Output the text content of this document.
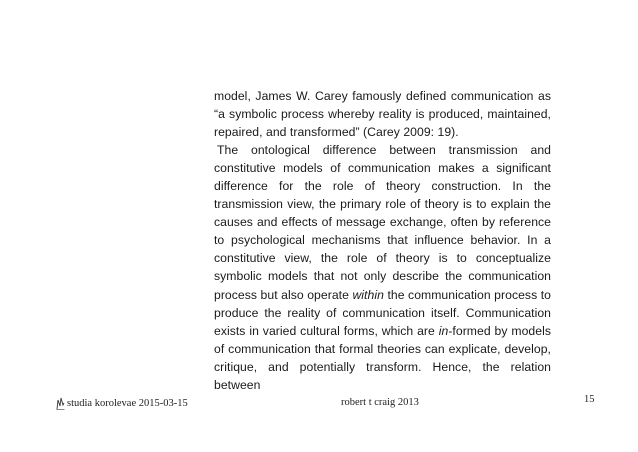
model, James W. Carey famously defined communication as “a symbolic process whereby reality is produced, maintained, repaired, and transformed” (Carey 2009: 19).

The ontological difference between transmission and constitutive models of communication makes a significant difference for the role of theory construction. In the transmission view, the primary role of theory is to explain the causes and effects of message exchange, often by reference to psychological mechanisms that influence behavior. In a constitutive view, the role of theory is to conceptualize symbolic models that not only describe the communication process but also operate within the communication process to produce the reality of communication itself. Communication exists in varied cultural forms, which are in-formed by models of communication that formal theories can explicate, develop, critique, and potentially transform. Hence, the relation between

studia korolevae 2015-03-15	robert t craig 2013	15
